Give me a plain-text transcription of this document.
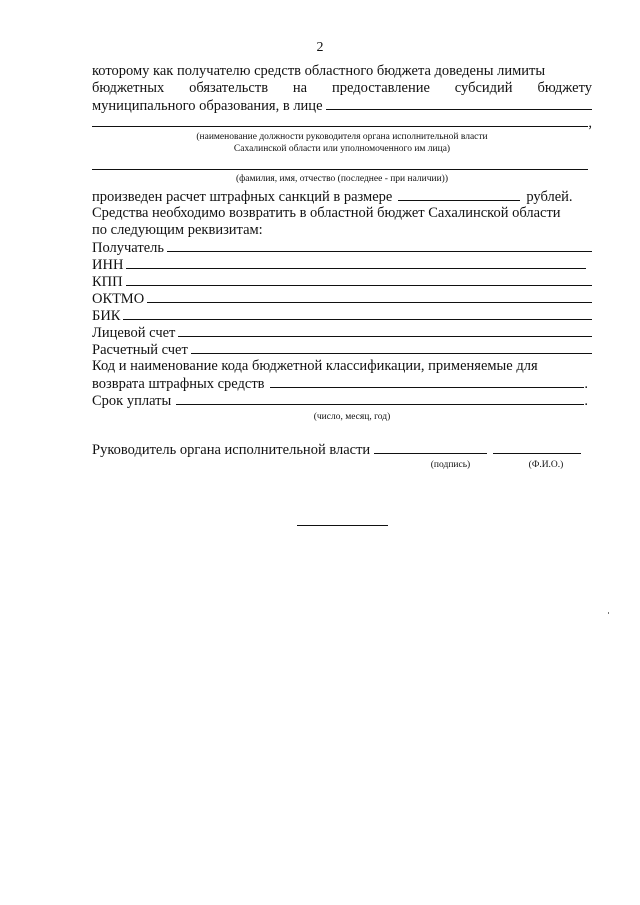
2
которому как получателю средств областного бюджета доведены лимиты
бюджетных обязательств на предоставление субсидий бюджету
муниципального образования, в лице
,
(наименование должности руководителя органа исполнительной власти
Сахалинской области или уполномоченного им лица)
(фамилия, имя, отчество (последнее - при наличии))
произведен расчет штрафных санкций в размере	рублей.
Средства необходимо возвратить в областной бюджет Сахалинской области
по следующим реквизитам:
Получатель
ИНН
КПП
ОКТМО
БИК
Лицевой счет
Расчетный счет
Код и наименование кода бюджетной классификации, применяемые для
возврата штрафных средств	.
Срок уплаты	.
(число, месяц, год)
Руководитель органа исполнительной власти
(подпись)	(Ф.И.О.)
